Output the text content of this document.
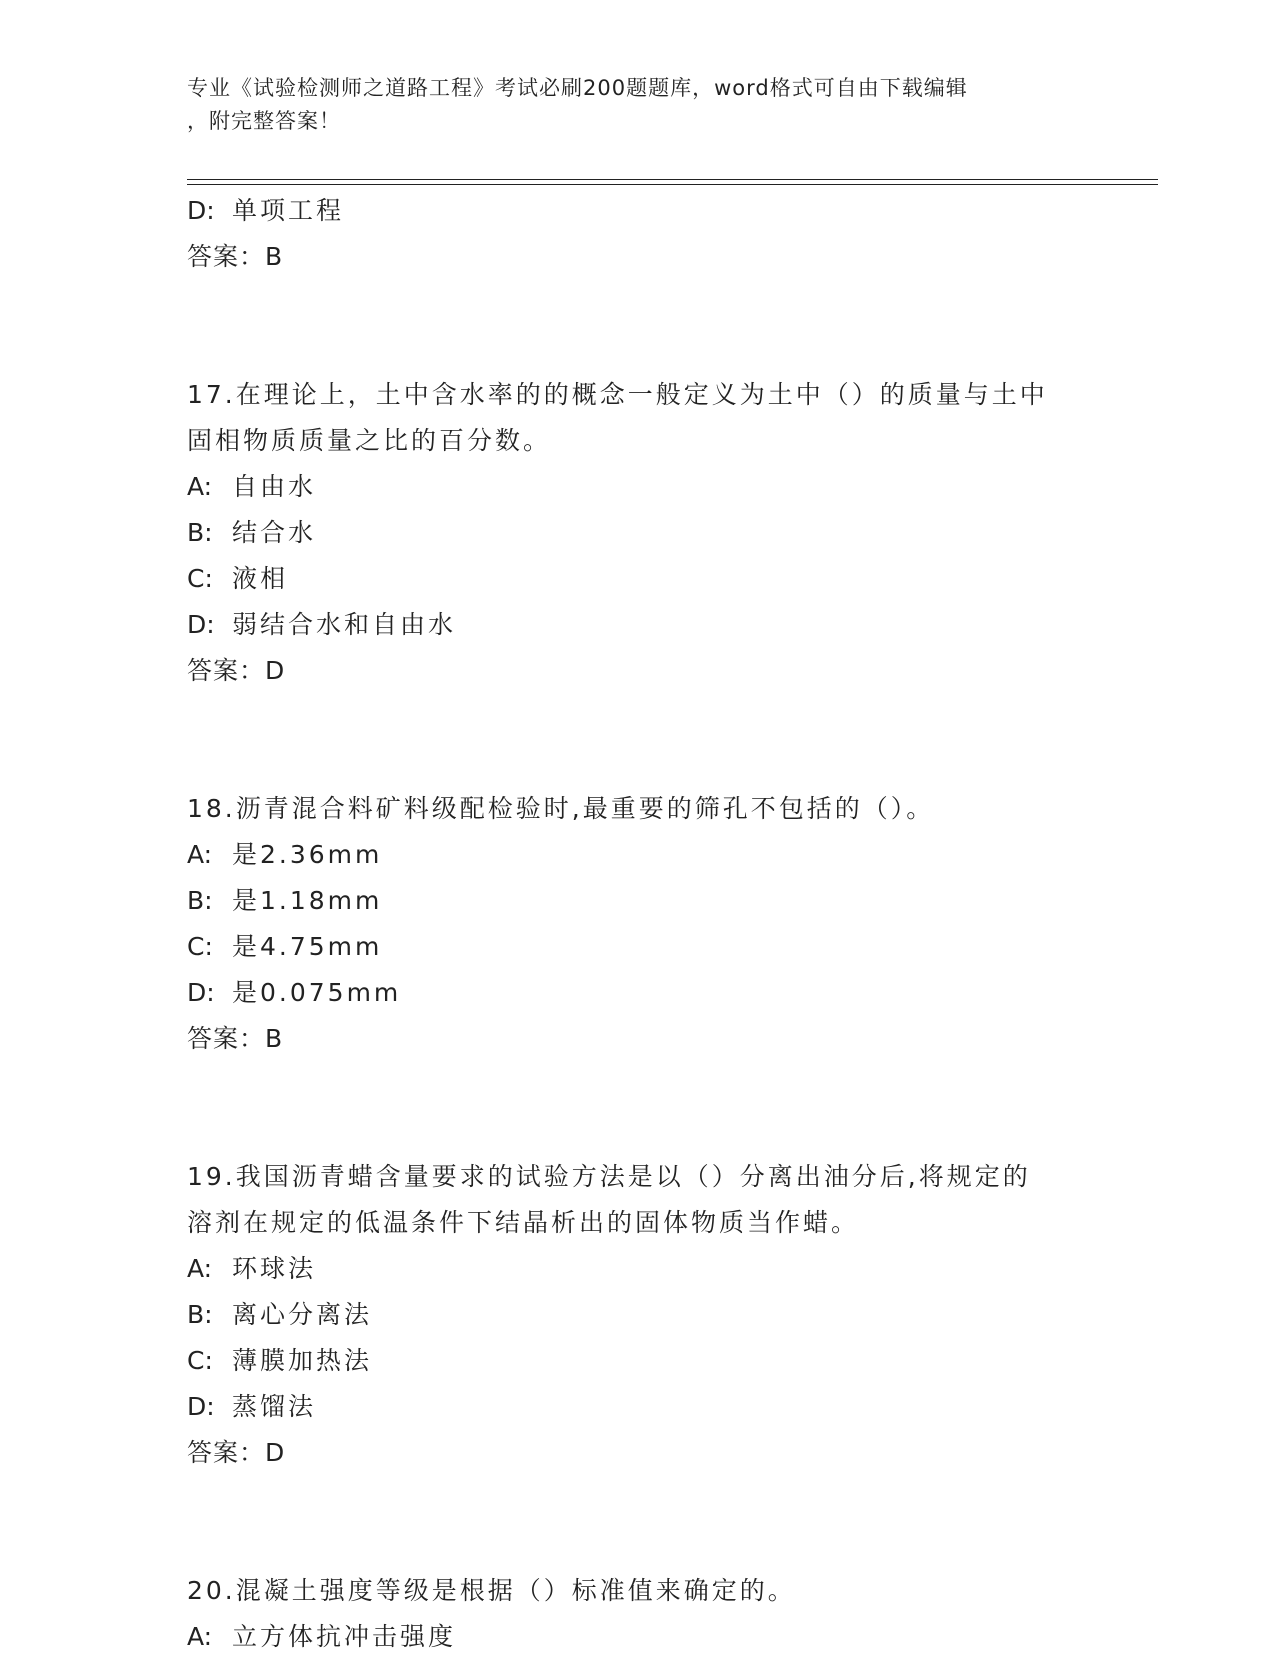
专业《试验检测师之道路工程》考试必刷200题题库，word格式可自由下载编辑
，附完整答案！
D: 单项工程
答案：B
17.在理论上，土中含水率的的概念一般定义为土中（）的质量与土中
固相物质质量之比的百分数。
A: 自由水
B: 结合水
C: 液相
D: 弱结合水和自由水
答案：D
18.沥青混合料矿料级配检验时,最重要的筛孔不包括的（）。
A: 是2.36mm
B: 是1.18mm
C: 是4.75mm
D: 是0.075mm
答案：B
19.我国沥青蜡含量要求的试验方法是以（）分离出油分后,将规定的
溶剂在规定的低温条件下结晶析出的固体物质当作蜡。
A: 环球法
B: 离心分离法
C: 薄膜加热法
D: 蒸馏法
答案：D
20.混凝土强度等级是根据（）标准值来确定的。
A: 立方体抗冲击强度
